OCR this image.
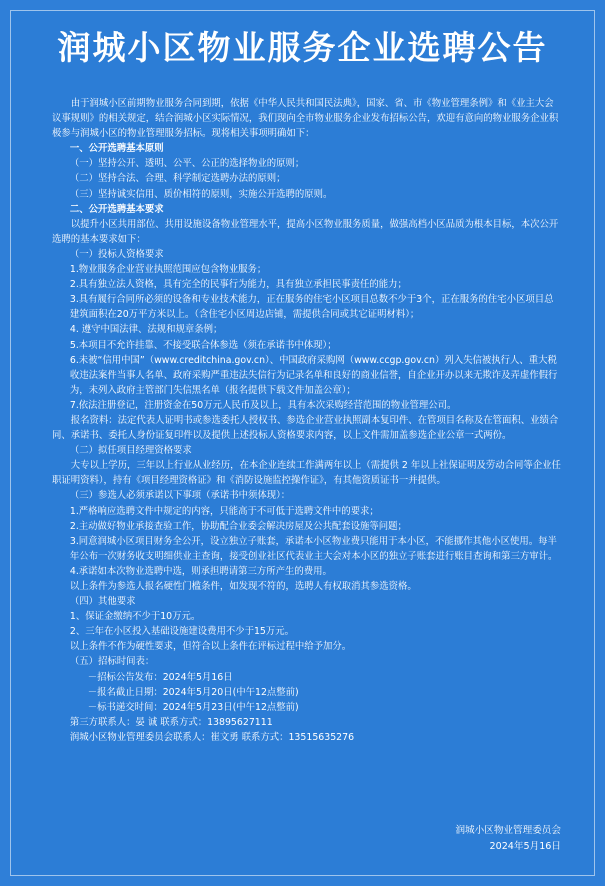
润城小区物业服务企业选聘公告

由于润城小区前期物业服务合同到期，依据《中华人民共和国民法典》，国家、省、市《物业管理条例》和《业主大会议事规则》的相关规定，结合润城小区实际情况，我们现向全市物业服务企业发布招标公告，欢迎有意向的物业服务企业积极参与润城小区的物业管理服务招标。现将相关事项明确如下：

一、公开选聘基本原则

（一）坚持公开、透明、公平、公正的选择物业的原则；

（二）坚持合法、合理、科学制定选聘办法的原则；

（三）坚持诚实信用、质价相符的原则，实施公开选聘的原则。

二、公开选聘基本要求

以提升小区共用部位、共用设施设备物业管理水平，提高小区物业服务质量，做强高档小区品质为根本目标，本次公开选聘的基本要求如下：

（一）投标人资格要求

1.物业服务企业营业执照范围应包含物业服务；

2.具有独立法人资格，具有完全的民事行为能力，具有独立承担民事责任的能力；

3.具有履行合同所必须的设备和专业技术能力，正在服务的住宅小区项目总数不少于3个，正在服务的住宅小区项目总建筑面积在20万平方米以上。（含住宅小区周边店铺，需提供合同或其它证明材料）；

4. 遵守中国法律、法规和规章条例；

5.本项目不允许挂靠、不接受联合体参选（须在承诺书中体现）；

6.未被“信用中国”（www.creditchina.gov.cn）、中国政府采购网（www.ccgp.gov.cn）列入失信被执行人、重大税收违法案件当事人名单、政府采购严重违法失信行为记录名单和良好的商业信誉，自企业开办以来无欺诈及弄虚作假行为，未列入政府主管部门失信黑名单（报名提供下载文件加盖公章）；

7.依法注册登记，注册资金在50万元人民币及以上，具有本次采购经营范围的物业管理公司。

报名资料：法定代表人证明书或参选委托人授权书、参选企业营业执照副本复印件、在管项目名称及在管面积、业绩合同、承诺书、委托人身份证复印件以及提供上述投标人资格要求内容，以上文件需加盖参选企业公章一式两份。

（二）拟任项目经理资格要求

大专以上学历，三年以上行业从业经历，在本企业连续工作满两年以上（需提供 2 年以上社保证明及劳动合同等企业任职证明资料），持有《项目经理资格证》和《消防设施监控操作证》，有其他资质证书一并提供。

（三）参选人必须承诺以下事项（承诺书中须体现）：

1.严格响应选聘文件中规定的内容，只能高于不可低于选聘文件中的要求；

2.主动做好物业承接查验工作，协助配合业委会解决房屋及公共配套设施等问题；

3.同意润城小区项目财务全公开，设立独立子账套，承诺本小区物业费只能用于本小区，不能挪作其他小区使用。每半年公布一次财务收支明细供业主查询，接受创业社区代表业主大会对本小区的独立子账套进行账目查询和第三方审计。

4.承诺如本次物业选聘中选，则承担聘请第三方所产生的费用。

以上条件为参选人报名硬性门槛条件，如发现不符的，选聘人有权取消其参选资格。

（四）其他要求

1、保证金缴纳不少于10万元。

2、三年在小区投入基础设施建设费用不少于15万元。

以上条件不作为硬性要求，但符合以上条件在评标过程中给予加分。

（五）招标时间表：

－招标公告发布：2024年5月16日

－报名截止日期：2024年5月20日(中午12点整前)

－标书递交时间：2024年5月23日(中午12点整前)

第三方联系人：晏 诚 联系方式：13895627111

润城小区物业管理委员会联系人：崔文勇 联系方式：13515635276

润城小区物业管理委员会
2024年5月16日
